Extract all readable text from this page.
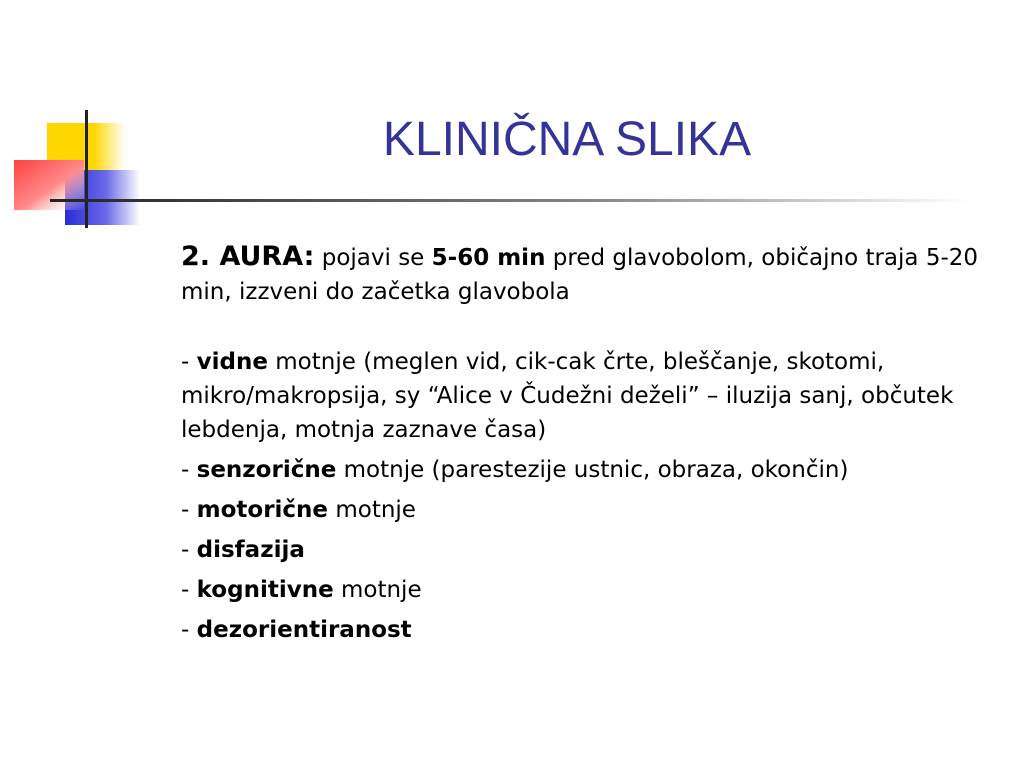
KLINIČNA SLIKA

2. AURA: pojavi se 5-60 min pred glavobolom, običajno traja 5-20 min, izzveni do začetka glavobola

- vidne motnje (meglen vid, cik-cak črte, bleščanje, skotomi, mikro/makropsija, sy “Alice v Čudežni deželi” – iluzija sanj, občutek lebdenja, motnja zaznave časa)

- senzorične motnje (parestezije ustnic, obraza, okončin)

- motorične motnje

- disfazija

- kognitivne motnje

- dezorientiranost
